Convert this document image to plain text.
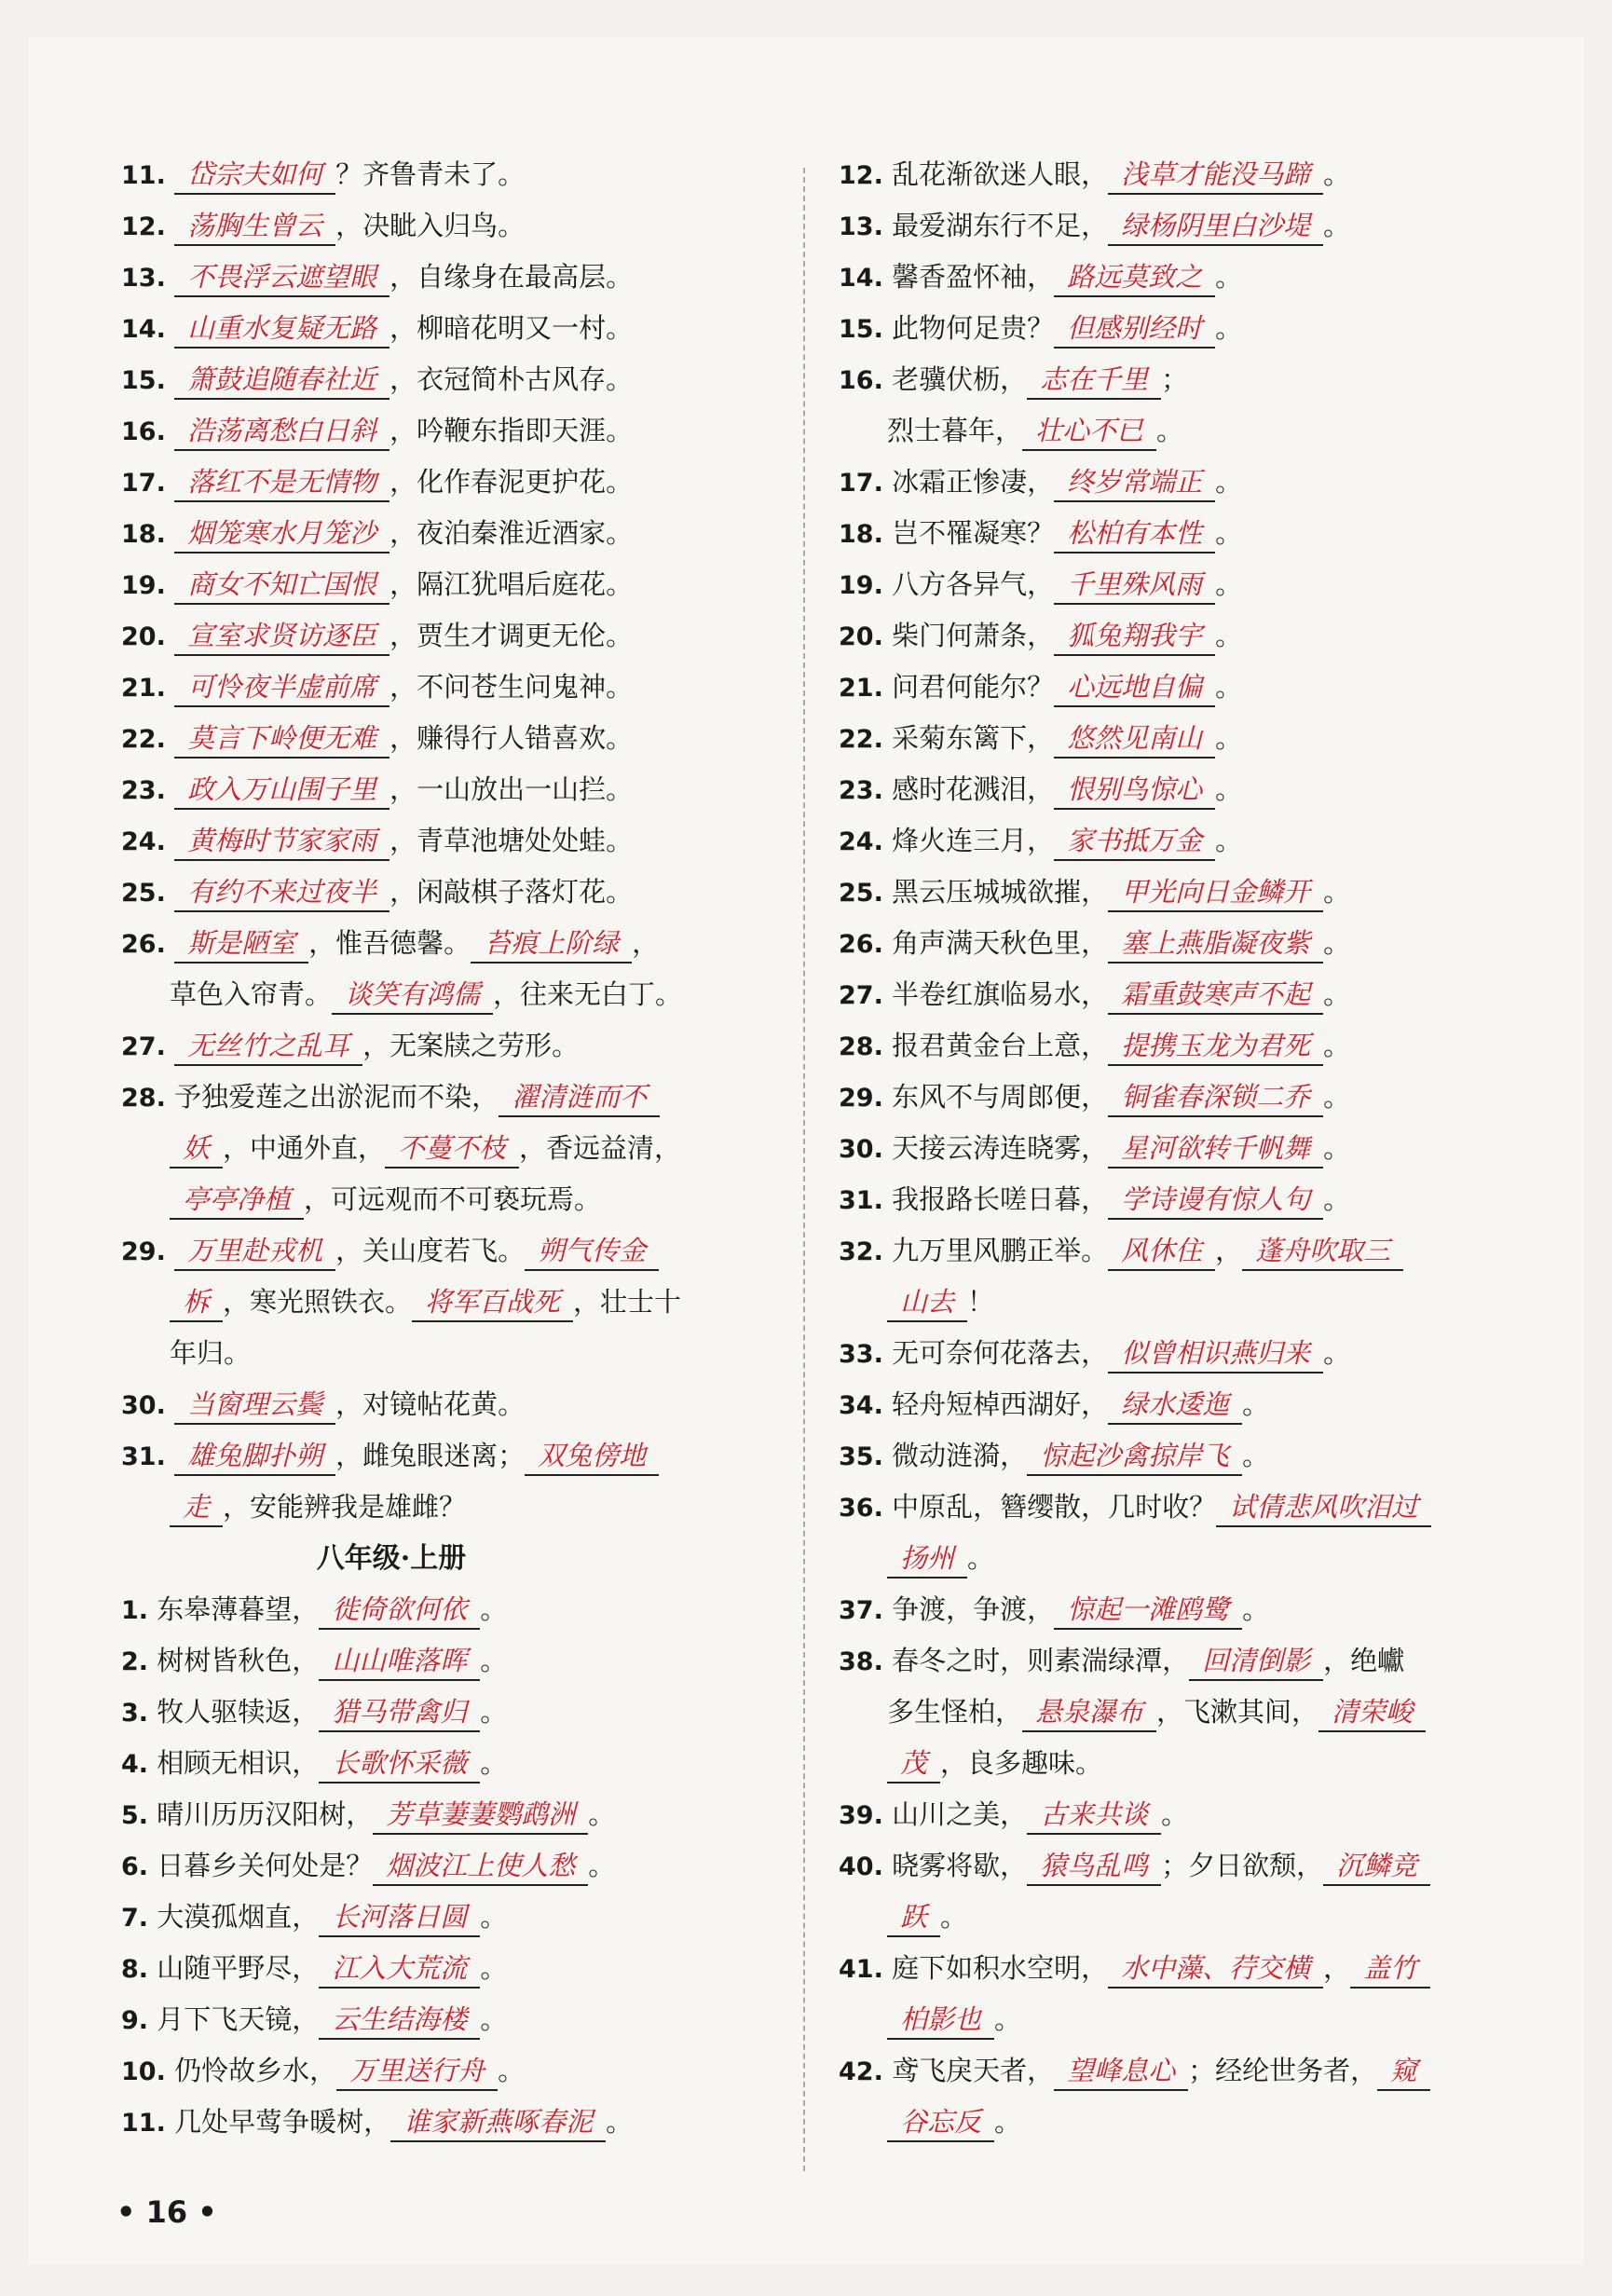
11. 岱宗夫如何 ？齐鲁青未了。
12. 荡胸生曾云 ，决眦入归鸟。
13. 不畏浮云遮望眼 ，自缘身在最高层。
14. 山重水复疑无路 ，柳暗花明又一村。
15. 箫鼓追随春社近 ，衣冠简朴古风存。
16. 浩荡离愁白日斜 ，吟鞭东指即天涯。
17. 落红不是无情物 ，化作春泥更护花。
18. 烟笼寒水月笼沙 ，夜泊秦淮近酒家。
19. 商女不知亡国恨 ，隔江犹唱后庭花。
20. 宣室求贤访逐臣 ，贾生才调更无伦。
21. 可怜夜半虚前席 ，不问苍生问鬼神。
22. 莫言下岭便无难 ，赚得行人错喜欢。
23. 政入万山围子里 ，一山放出一山拦。
24. 黄梅时节家家雨 ，青草池塘处处蛙。
25. 有约不来过夜半 ，闲敲棋子落灯花。
26. 斯是陋室 ，惟吾德馨。 苔痕上阶绿 ，
草色入帘青。 谈笑有鸿儒 ，往来无白丁。
27. 无丝竹之乱耳 ，无案牍之劳形。
28. 予独爱莲之出淤泥而不染， 濯清涟而不
妖 ，中通外直， 不蔓不枝 ，香远益清，
亭亭净植 ，可远观而不可亵玩焉。
29. 万里赴戎机 ，关山度若飞。 朔气传金
柝 ，寒光照铁衣。 将军百战死 ，壮士十
年归。
30. 当窗理云鬓 ，对镜帖花黄。
31. 雄兔脚扑朔 ，雌兔眼迷离； 双兔傍地
走 ，安能辨我是雄雌？
八年级·上册
1. 东皋薄暮望， 徙倚欲何依 。
2. 树树皆秋色， 山山唯落晖 。
3. 牧人驱犊返， 猎马带禽归 。
4. 相顾无相识， 长歌怀采薇 。
5. 晴川历历汉阳树， 芳草萋萋鹦鹉洲 。
6. 日暮乡关何处是？ 烟波江上使人愁 。
7. 大漠孤烟直， 长河落日圆 。
8. 山随平野尽， 江入大荒流 。
9. 月下飞天镜， 云生结海楼 。
10. 仍怜故乡水， 万里送行舟 。
11. 几处早莺争暖树， 谁家新燕啄春泥 。
12. 乱花渐欲迷人眼， 浅草才能没马蹄 。
13. 最爱湖东行不足， 绿杨阴里白沙堤 。
14. 馨香盈怀袖， 路远莫致之 。
15. 此物何足贵？ 但感别经时 。
16. 老骥伏枥， 志在千里 ；
烈士暮年， 壮心不已 。
17. 冰霜正惨凄， 终岁常端正 。
18. 岂不罹凝寒？ 松柏有本性 。
19. 八方各异气， 千里殊风雨 。
20. 柴门何萧条， 狐兔翔我宇 。
21. 问君何能尔？ 心远地自偏 。
22. 采菊东篱下， 悠然见南山 。
23. 感时花溅泪， 恨别鸟惊心 。
24. 烽火连三月， 家书抵万金 。
25. 黑云压城城欲摧， 甲光向日金鳞开 。
26. 角声满天秋色里， 塞上燕脂凝夜紫 。
27. 半卷红旗临易水， 霜重鼓寒声不起 。
28. 报君黄金台上意， 提携玉龙为君死 。
29. 东风不与周郎便， 铜雀春深锁二乔 。
30. 天接云涛连晓雾， 星河欲转千帆舞 。
31. 我报路长嗟日暮， 学诗谩有惊人句 。
32. 九万里风鹏正举。 风休住 ， 蓬舟吹取三
山去 ！
33. 无可奈何花落去， 似曾相识燕归来 。
34. 轻舟短棹西湖好， 绿水逶迤 。
35. 微动涟漪， 惊起沙禽掠岸飞 。
36. 中原乱，簪缨散，几时收？ 试倩悲风吹泪过
扬州 。
37. 争渡，争渡， 惊起一滩鸥鹭 。
38. 春冬之时，则素湍绿潭， 回清倒影 ，绝巘
多生怪柏， 悬泉瀑布 ，飞漱其间， 清荣峻
茂 ，良多趣味。
39. 山川之美， 古来共谈 。
40. 晓雾将歇， 猿鸟乱鸣 ；夕日欲颓， 沉鳞竞
跃 。
41. 庭下如积水空明， 水中藻、荇交横 ， 盖竹
柏影也 。
42. 鸢飞戾天者， 望峰息心 ；经纶世务者， 窥
谷忘反 。
• 16 •
